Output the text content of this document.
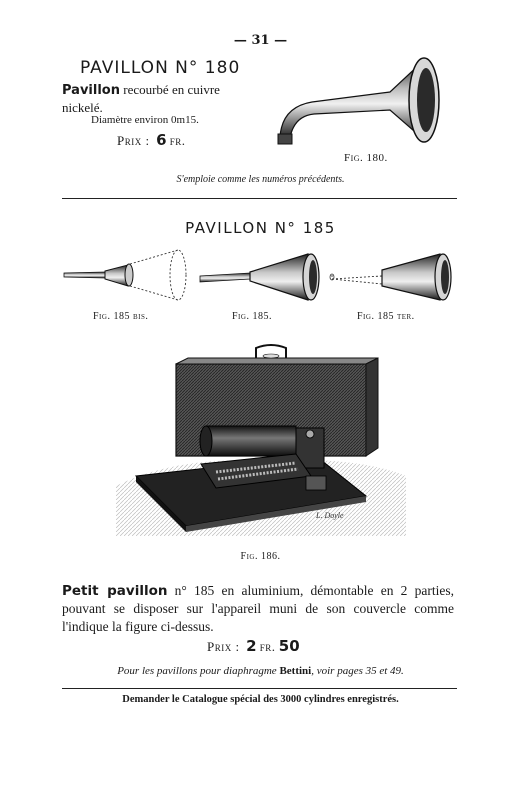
— 31 —
PAVILLON N° 180
Pavillon recourbé en cuivre nickelé.
Diamètre environ 0m15.
Prix : 6 fr.
Fig. 180.
S'emploie comme les numéros précédents.
PAVILLON N° 185
Fig. 185 bis.	Fig. 185.	Fig. 185 ter.
L. Doyle
Fig. 186.
Petit pavillon n° 185 en aluminium, démontable en 2 parties, pouvant se disposer sur l'appareil muni de son couvercle comme l'indique la figure ci-dessus.
Prix : 2 fr. 50
Pour les pavillons pour diaphragme Bettini, voir pages 35 et 49.
Demander le Catalogue spécial des 3000 cylindres enregistrés.
